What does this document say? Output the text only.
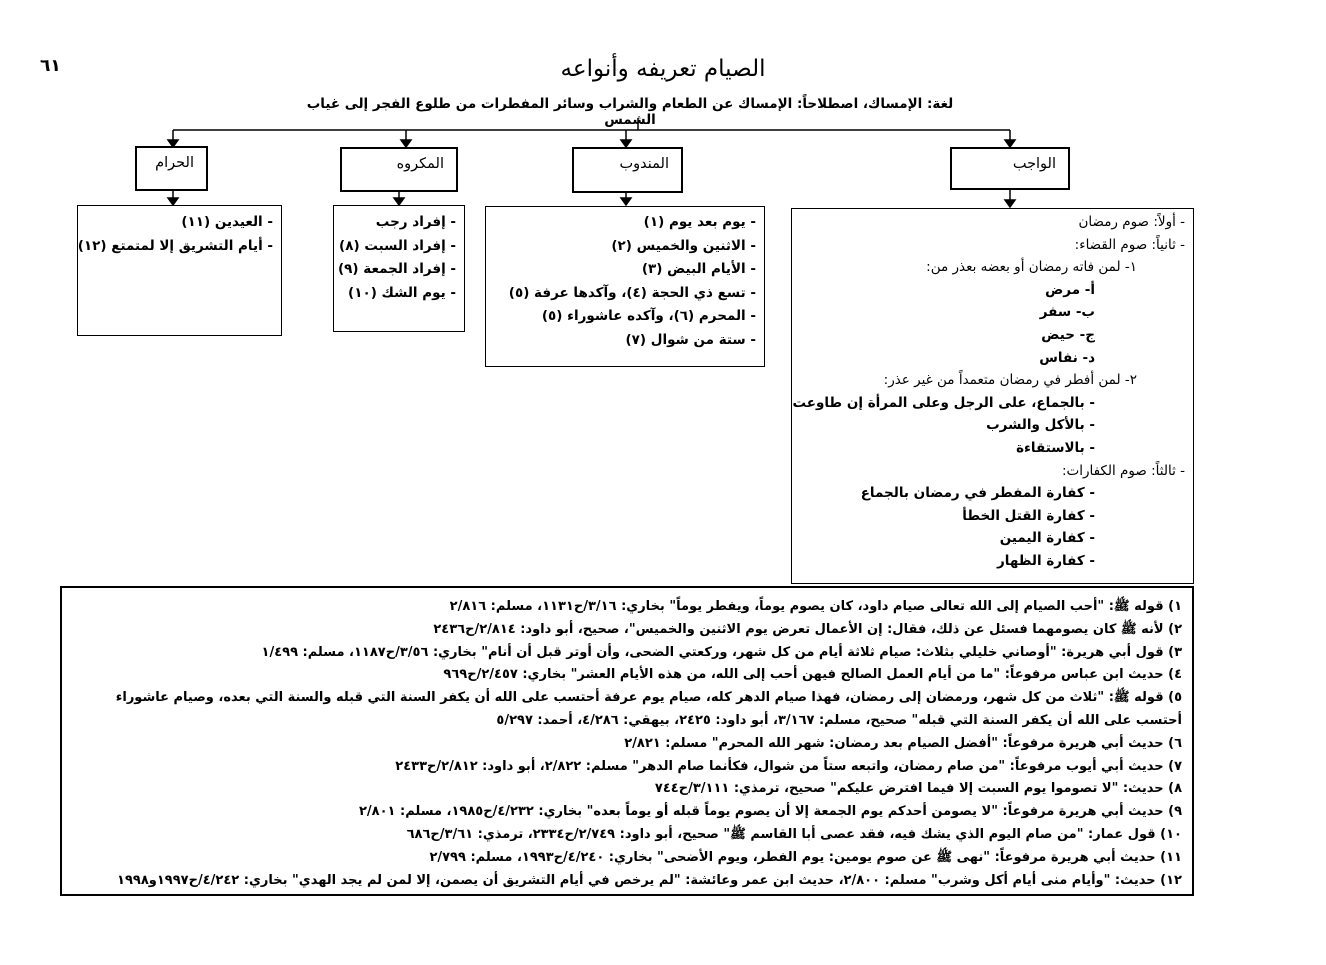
٦١	الصيام تعريفه وأنواعه
لغة: الإمساك، اصطلاحاً: الإمساك عن الطعام والشراب وسائر المفطرات من طلوع الفجر إلى غياب الشمس
الحرام	المكروه	المندوب	الواجب
- العيدين (١١)
- أيام التشريق إلا لمتمتع (١٢)
- إفراد رجب
- إفراد السبت (٨)
- إفراد الجمعة (٩)
- يوم الشك (١٠)
- يوم بعد يوم (١)
- الاثنين والخميس (٢)
- الأيام البيض (٣)
- تسع ذي الحجة (٤)، وآكدها عرفة (٥)
- المحرم (٦)، وآكده عاشوراء (٥)
- ستة من شوال (٧)
- أولاً: صوم رمضان
- ثانياً: صوم القضاء:
١- لمن فاته رمضان أو بعضه بعذر من:
أ- مرض
ب- سفر
ج- حيض
د- نفاس
٢- لمن أفطر في رمضان متعمداً من غير عذر:
- بالجماع، على الرجل وعلى المرأة إن طاوعت
- بالأكل والشرب
- بالاستقاءة
- ثالثاً: صوم الكفارات:
- كفارة المفطر في رمضان بالجماع
- كفارة القتل الخطأ
- كفارة اليمين
- كفارة الظهار
١) قوله ﷺ: "أحب الصيام إلى الله تعالى صيام داود، كان يصوم يوماً، ويفطر يوماً" بخاري: ٣/١٦/ح١١٣١، مسلم: ٢/٨١٦
٢) لأنه ﷺ كان يصومهما فسئل عن ذلك، فقال: إن الأعمال تعرض يوم الاثنين والخميس"، صحيح، أبو داود: ٢/٨١٤/ح٢٤٣٦
٣) قول أبي هريرة: "أوصاني خليلي بثلاث: صيام ثلاثة أيام من كل شهر، وركعتي الضحى، وأن أوتر قبل أن أنام" بخاري: ٣/٥٦/ح١١٨٧، مسلم: ١/٤٩٩
٤) حديث ابن عباس مرفوعاً: "ما من أيام العمل الصالح فيهن أحب إلى الله، من هذه الأيام العشر" بخاري: ٢/٤٥٧/ح٩٦٩
٥) قوله ﷺ: "ثلاث من كل شهر، ورمضان إلى رمضان، فهذا صيام الدهر كله، صيام يوم عرفة أحتسب على الله أن يكفر السنة التي قبله والسنة التي بعده، وصيام عاشوراء أحتسب على الله أن يكفر السنة التي قبله" صحيح، مسلم: ٣/١٦٧، أبو داود: ٢٤٢٥، بيهقي: ٤/٢٨٦، أحمد: ٥/٢٩٧
٦) حديث أبي هريرة مرفوعاً: "أفضل الصيام بعد رمضان: شهر الله المحرم" مسلم: ٢/٨٢١
٧) حديث أبي أيوب مرفوعاً: "من صام رمضان، واتبعه ستاً من شوال، فكأنما صام الدهر" مسلم: ٢/٨٢٢، أبو داود: ٢/٨١٢/ح٢٤٣٣
٨) حديث: "لا تصوموا يوم السبت إلا فيما افترض عليكم" صحيح، ترمذي: ٣/١١١/ح٧٤٤
٩) حديث أبي هريرة مرفوعاً: "لا يصومن أحدكم يوم الجمعة إلا أن يصوم يوماً قبله أو يوماً بعده" بخاري: ٤/٢٣٢/ح١٩٨٥، مسلم: ٢/٨٠١
١٠) قول عمار: "من صام اليوم الذي يشك فيه، فقد عصى أبا القاسم ﷺ" صحيح، أبو داود: ٢/٧٤٩/ح٢٣٣٤، ترمذي: ٣/٦١/ح٦٨٦
١١) حديث أبي هريرة مرفوعاً: "نهى ﷺ عن صوم يومين: يوم الفطر، ويوم الأضحى" بخاري: ٤/٢٤٠/ح١٩٩٣، مسلم: ٢/٧٩٩
١٢) حديث: "وأيام منى أيام أكل وشرب" مسلم: ٢/٨٠٠، حديث ابن عمر وعائشة: "لم يرخص في أيام التشريق أن يصمن، إلا لمن لم يجد الهدي" بخاري: ٤/٢٤٢/ح١٩٩٧و١٩٩٨
